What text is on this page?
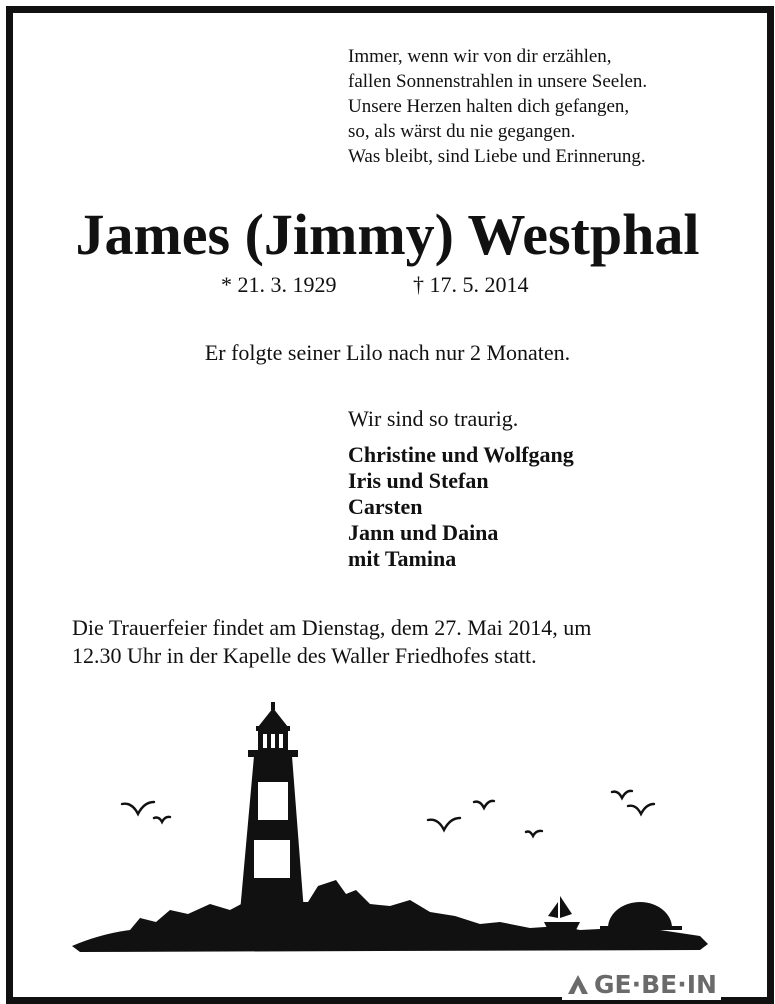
Immer, wenn wir von dir erzählen,
fallen Sonnenstrahlen in unsere Seelen.
Unsere Herzen halten dich gefangen,
so, als wärst du nie gegangen.
Was bleibt, sind Liebe und Erinnerung.
James (Jimmy) Westphal
* 21. 3. 1929	† 17. 5. 2014
Er folgte seiner Lilo nach nur 2 Monaten.
Wir sind so traurig.
Christine und Wolfgang
Iris und Stefan
Carsten
Jann und Daina
mit Tamina
Die Trauerfeier findet am Dienstag, dem 27. Mai 2014, um
12.30 Uhr in der Kapelle des Waller Friedhofes statt.
GE·BE·IN
